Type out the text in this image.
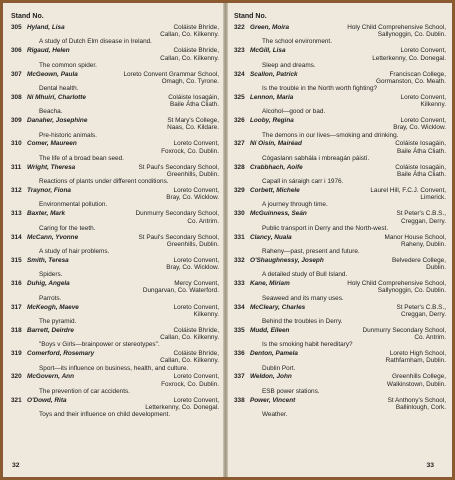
Stand No.
305 Hyland, Lisa	Coláiste Bhríde,
Callan, Co. Kilkenny.
A study of Dutch Elm disease in Ireland.
306 Rigaud, Helen	Coláiste Bhríde,
Callan, Co. Kilkenny.
The common spider.
307 McGeown, Paula	Loreto Convent Grammar School,
Omagh, Co. Tyrone.
Dental health.
308 Ní Mhuirí, Charlotte	Coláiste Iosagáin,
Baile Átha Cliath.
Beacha.
309 Danaher, Josephine	St Mary's College,
Naas, Co. Kildare.
Pre-historic animals.
310 Comer, Maureen	Loreto Convent,
Foxrock, Co. Dublin.
The life of a broad bean seed.
311 Wright, Theresa	St Paul's Secondary School,
Greenhills, Dublin.
Reactions of plants under different conditions.
312 Traynor, Fiona	Loreto Convent,
Bray, Co. Wicklow.
Environmental pollution.
313 Baxter, Mark	Dunmurry Secondary School,
Co. Antrim.
Caring for the teeth.
314 McCann, Yvonne	St Paul's Secondary School,
Greenhills, Dublin.
A study of hair problems.
315 Smith, Teresa	Loreto Convent,
Bray, Co. Wicklow.
Spiders.
316 Duhig, Angela	Mercy Convent,
Dungarvan, Co. Waterford.
Parrots.
317 McKeogh, Maeve	Loreto Convent,
Kilkenny.
The pyramid.
318 Barrett, Deirdre	Coláiste Bhríde,
Callan, Co. Kilkenny.
"Boys v Girls—brainpower or stereotypes".
319 Comerford, Rosemary	Coláiste Bhríde,
Callan, Co. Kilkenny.
Sport—its influence on business, health, and culture.
320 McGovern, Ann	Loreto Convent,
Foxrock, Co. Dublin.
The prevention of car accidents.
321 O'Dowd, Rita	Loreto Convent,
Letterkenny, Co. Donegal.
Toys and their influence on child development.
32
Stand No.
322 Green, Moira	Holy Child Comprehensive School,
Sallynoggin, Co. Dublin.
The school environment.
323 McGill, Lisa	Loreto Convent,
Letterkenny, Co. Donegal.
Sleep and dreams.
324 Scallon, Patrick	Franciscan College,
Gormanston, Co. Meath.
Is the trouble in the North worth fighting?
325 Lennon, Maria	Loreto Convent,
Kilkenny.
Alcohol—good or bad.
326 Looby, Regina	Loreto Convent,
Bray, Co. Wicklow.
The demons in our lives—smoking and drinking.
327 Ní Oisín, Mairéad	Coláiste Iosagáin,
Baile Átha Cliath.
Cógaslann sabhála i mbreagán páistí.
328 Crabbhach, Aoife	Coláiste Iosagáin,
Baile Átha Cliath.
Capall in sáraigh carr i 1976.
329 Corbett, Michele	Laurel Hill, F.C.J. Convent,
Limerick.
A journey through time.
330 McGuinness, Seán	St Peter's C.B.S.,
Creggan, Derry.
Public transport in Derry and the North-west.
331 Clancy, Nuala	Manor House School,
Raheny, Dublin.
Raheny—past, present and future.
332 O'Shaughnessy, Joseph	Belvedere College,
Dublin.
A detailed study of Bull Island.
333 Kane, Miriam	Holy Child Comprehensive School,
Sallynoggin, Co. Dublin.
Seaweed and its many uses.
334 McCleary, Charles	St Peter's C.B.S.,
Creggan, Derry.
Behind the troubles in Derry.
335 Mudd, Eileen	Dunmurry Secondary School,
Co. Antrim.
Is the smoking habit hereditary?
336 Denton, Pamela	Loreto High School,
Rathfarnham, Dublin.
Dublin Port.
337 Weldon, John	Greenhills College,
Walkinstown, Dublin.
ESB power stations.
338 Power, Vincent	St Anthony's School,
Ballinlough, Cork.
Weather.
33
